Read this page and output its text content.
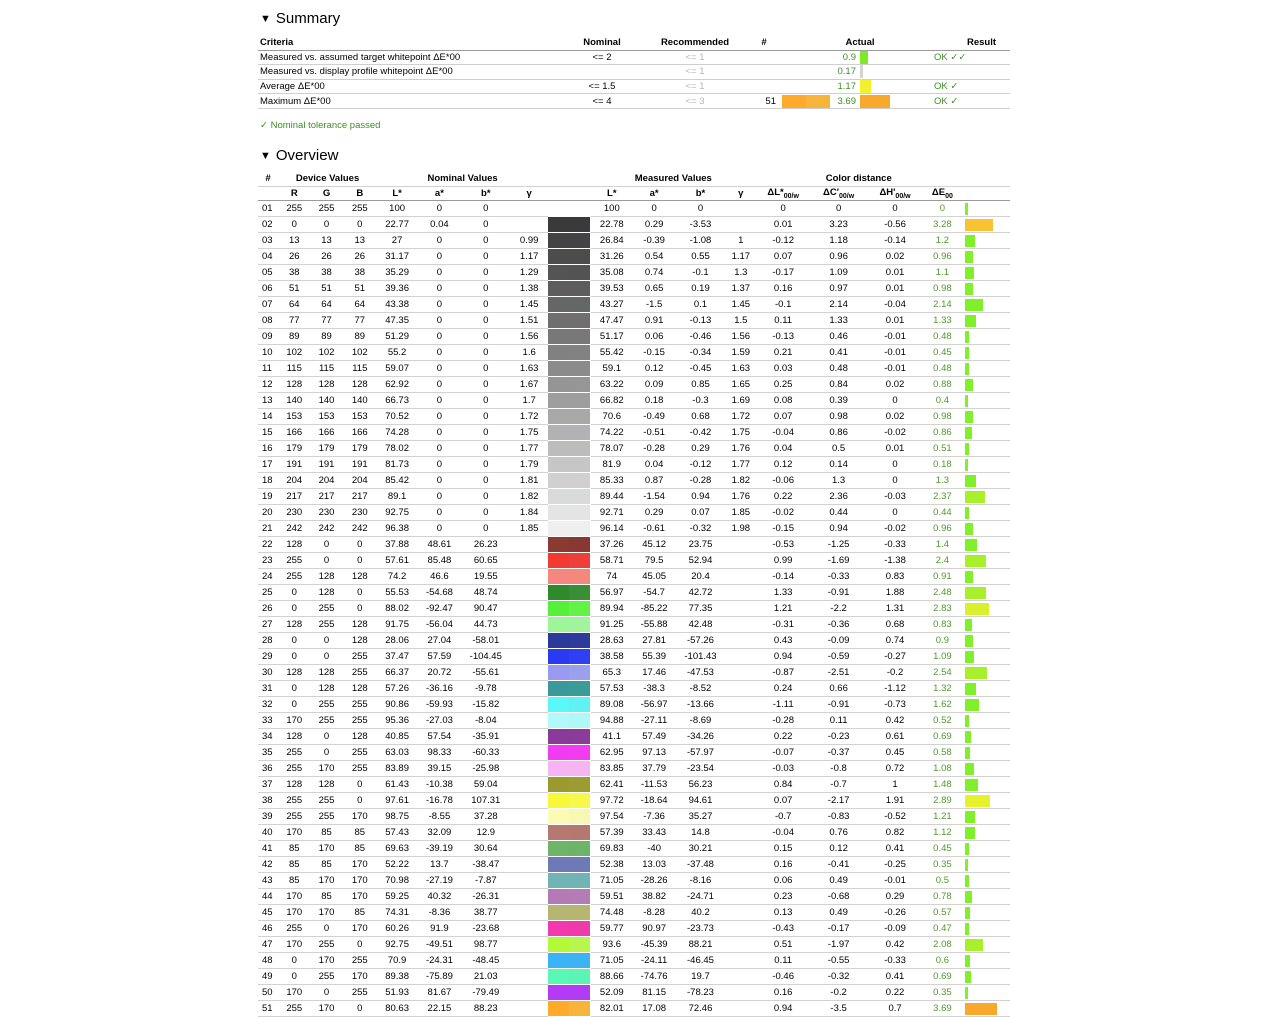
▼ Summary
Criteria	Nominal	Recommended	#	Actual			Result	
Measured vs. assumed target whitepoint ΔE*00	<= 2	<= 1			0.9			OK ✓✓
Measured vs. display profile whitepoint ΔE*00		<= 1			0.17	

Average ΔE*00	<= 1.5	<= 1			1.17			OK ✓
Maximum ΔE*00	<= 4	<= 3	51		3.69			OK ✓
✓ Nominal tolerance passed
▼ Overview
#	Device Values			Nominal Values					Measured Values				Color distance				
	R	G	B	L*	a*	b*	γ		L*	a*	b*	γ	$\Delta L*_{00/w}$	$\Delta C'_{00/w}$	$\Delta H'_{00/w}$	$\Delta E_{00}$	
01	255	255	255	100	0	0			100	0	0		0	0	0	0	

02	0	0	0	22.77	0.04	0			22.78	0.29	-3.53		0.01	3.23	-0.56	3.28	

03	13	13	13	27	0	0	0.99		26.84	-0.39	-1.08	1	-0.12	1.18	-0.14	1.2	

04	26	26	26	31.17	0	0	1.17		31.26	0.54	0.55	1.17	0.07	0.96	0.02	0.96	

05	38	38	38	35.29	0	0	1.29		35.08	0.74	-0.1	1.3	-0.17	1.09	0.01	1.1	

06	51	51	51	39.36	0	0	1.38		39.53	0.65	0.19	1.37	0.16	0.97	0.01	0.98	

07	64	64	64	43.38	0	0	1.45		43.27	-1.5	0.1	1.45	-0.1	2.14	-0.04	2.14	

08	77	77	77	47.35	0	0	1.51		47.47	0.91	-0.13	1.5	0.11	1.33	0.01	1.33	

09	89	89	89	51.29	0	0	1.56		51.17	0.06	-0.46	1.56	-0.13	0.46	-0.01	0.48	

10	102	102	102	55.2	0	0	1.6		55.42	-0.15	-0.34	1.59	0.21	0.41	-0.01	0.45	

11	115	115	115	59.07	0	0	1.63		59.1	0.12	-0.45	1.63	0.03	0.48	-0.01	0.48	

12	128	128	128	62.92	0	0	1.67		63.22	0.09	0.85	1.65	0.25	0.84	0.02	0.88	

13	140	140	140	66.73	0	0	1.7		66.82	0.18	-0.3	1.69	0.08	0.39	0	0.4	

14	153	153	153	70.52	0	0	1.72		70.6	-0.49	0.68	1.72	0.07	0.98	0.02	0.98	

15	166	166	166	74.28	0	0	1.75		74.22	-0.51	-0.42	1.75	-0.04	0.86	-0.02	0.86	

16	179	179	179	78.02	0	0	1.77		78.07	-0.28	0.29	1.76	0.04	0.5	0.01	0.51	

17	191	191	191	81.73	0	0	1.79		81.9	0.04	-0.12	1.77	0.12	0.14	0	0.18	

18	204	204	204	85.42	0	0	1.81		85.33	0.87	-0.28	1.82	-0.06	1.3	0	1.3	

19	217	217	217	89.1	0	0	1.82		89.44	-1.54	0.94	1.76	0.22	2.36	-0.03	2.37	

20	230	230	230	92.75	0	0	1.84		92.71	0.29	0.07	1.85	-0.02	0.44	0	0.44	

21	242	242	242	96.38	0	0	1.85		96.14	-0.61	-0.32	1.98	-0.15	0.94	-0.02	0.96	

22	128	0	0	37.88	48.61	26.23			37.26	45.12	23.75		-0.53	-1.25	-0.33	1.4	

23	255	0	0	57.61	85.48	60.65			58.71	79.5	52.94		0.99	-1.69	-1.38	2.4	

24	255	128	128	74.2	46.6	19.55			74	45.05	20.4		-0.14	-0.33	0.83	0.91	

25	0	128	0	55.53	-54.68	48.74			56.97	-54.7	42.72		1.33	-0.91	1.88	2.48	

26	0	255	0	88.02	-92.47	90.47			89.94	-85.22	77.35		1.21	-2.2	1.31	2.83	

27	128	255	128	91.75	-56.04	44.73			91.25	-55.88	42.48		-0.31	-0.36	0.68	0.83	

28	0	0	128	28.06	27.04	-58.01			28.63	27.81	-57.26		0.43	-0.09	0.74	0.9	

29	0	0	255	37.47	57.59	-104.45			38.58	55.39	-101.43		0.94	-0.59	-0.27	1.09	

30	128	128	255	66.37	20.72	-55.61			65.3	17.46	-47.53		-0.87	-2.51	-0.2	2.54	

31	0	128	128	57.26	-36.16	-9.78			57.53	-38.3	-8.52		0.24	0.66	-1.12	1.32	

32	0	255	255	90.86	-59.93	-15.82			89.08	-56.97	-13.66		-1.11	-0.91	-0.73	1.62	

33	170	255	255	95.36	-27.03	-8.04			94.88	-27.11	-8.69		-0.28	0.11	0.42	0.52	

34	128	0	128	40.85	57.54	-35.91			41.1	57.49	-34.26		0.22	-0.23	0.61	0.69	

35	255	0	255	63.03	98.33	-60.33			62.95	97.13	-57.97		-0.07	-0.37	0.45	0.58	

36	255	170	255	83.89	39.15	-25.98			83.85	37.79	-23.54		-0.03	-0.8	0.72	1.08	

37	128	128	0	61.43	-10.38	59.04			62.41	-11.53	56.23		0.84	-0.7	1	1.48	

38	255	255	0	97.61	-16.78	107.31			97.72	-18.64	94.61		0.07	-2.17	1.91	2.89	

39	255	255	170	98.75	-8.55	37.28			97.54	-7.36	35.27		-0.7	-0.83	-0.52	1.21	

40	170	85	85	57.43	32.09	12.9			57.39	33.43	14.8		-0.04	0.76	0.82	1.12	

41	85	170	85	69.63	-39.19	30.64			69.83	-40	30.21		0.15	0.12	0.41	0.45	

42	85	85	170	52.22	13.7	-38.47			52.38	13.03	-37.48		0.16	-0.41	-0.25	0.35	

43	85	170	170	70.98	-27.19	-7.87			71.05	-28.26	-8.16		0.06	0.49	-0.01	0.5	

44	170	85	170	59.25	40.32	-26.31			59.51	38.82	-24.71		0.23	-0.68	0.29	0.78	

45	170	170	85	74.31	-8.36	38.77			74.48	-8.28	40.2		0.13	0.49	-0.26	0.57	

46	255	0	170	60.26	91.9	-23.68			59.77	90.97	-23.73		-0.43	-0.17	-0.09	0.47	

47	170	255	0	92.75	-49.51	98.77			93.6	-45.39	88.21		0.51	-1.97	0.42	2.08	

48	0	170	255	70.9	-24.31	-48.45			71.05	-24.11	-46.45		0.11	-0.55	-0.33	0.6	

49	0	255	170	89.38	-75.89	21.03			88.66	-74.76	19.7		-0.46	-0.32	0.41	0.69	

50	170	0	255	51.93	81.67	-79.49			52.09	81.15	-78.23		0.16	-0.2	0.22	0.35	

51	255	170	0	80.63	22.15	88.23			82.01	17.08	72.46		0.94	-3.5	0.7	3.69	
